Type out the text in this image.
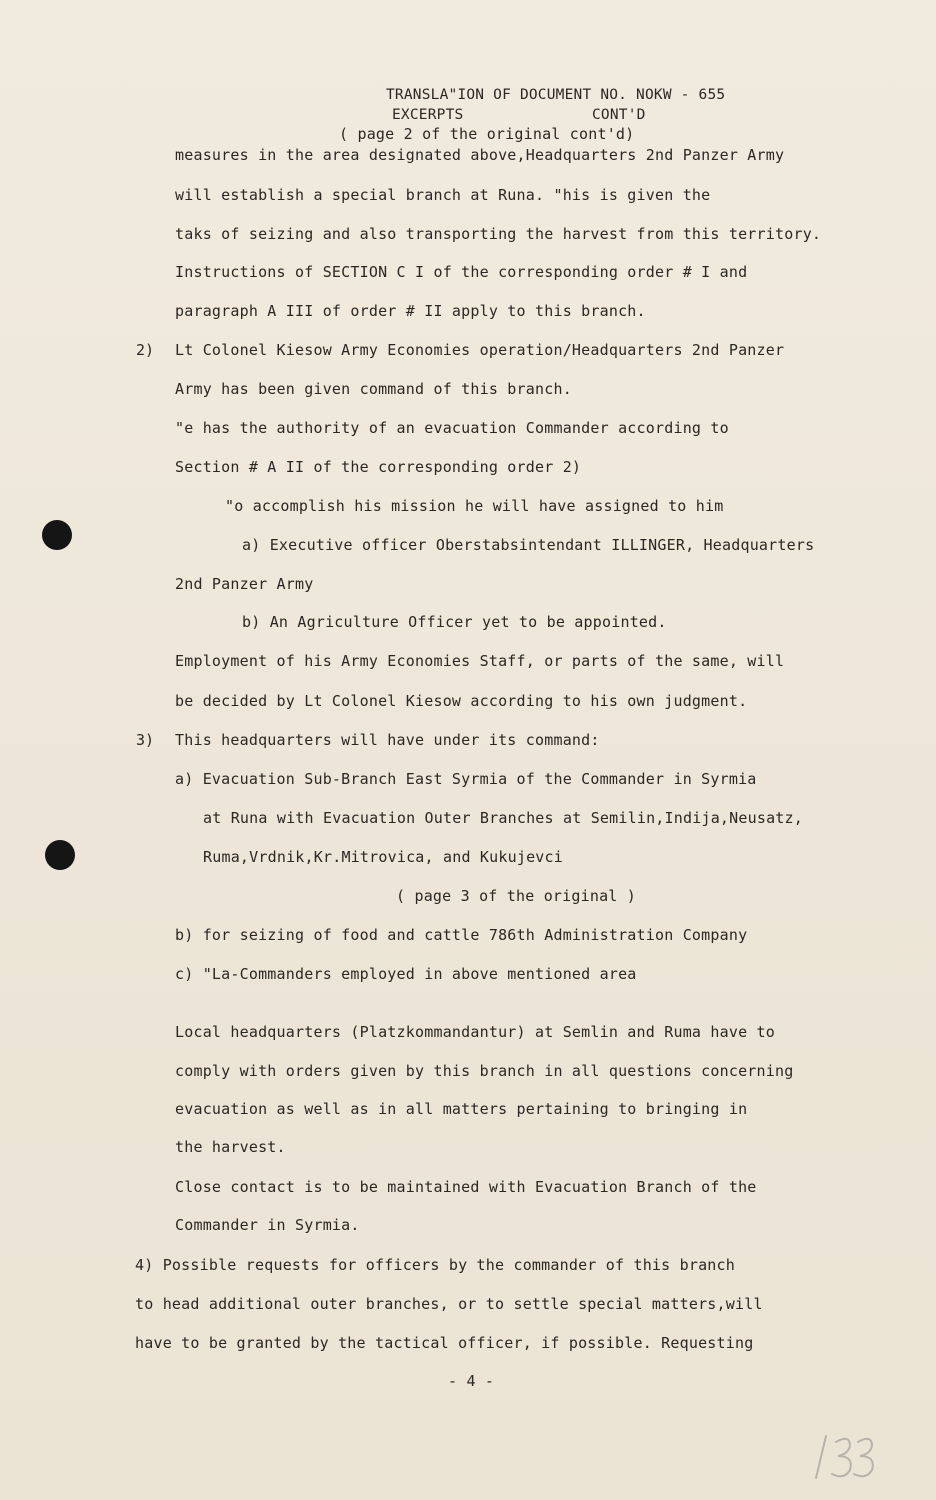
TRANSLA"ION OF DOCUMENT NO. NOKW - 655
EXCERPTS	CONT'D
( page 2 of the original cont'd)
measures in the area designated above,Headquarters 2nd Panzer Army
will establish a special branch at Runa. "his is given the
taks of seizing and also transporting the harvest from this territory.
Instructions of SECTION C I of the corresponding order # I and
paragraph A III of order # II apply to this branch.
2) Lt Colonel Kiesow Army Economies operation/Headquarters 2nd Panzer
Army has been given command of this branch.
"e has the authority of an evacuation Commander according to
Section # A II of the corresponding order 2)
"o accomplish his mission he will have assigned to him
a) Executive officer Oberstabsintendant ILLINGER, Headquarters
2nd Panzer Army
b) An Agriculture Officer yet to be appointed.
Employment of his Army Economies Staff, or parts of the same, will
be decided by Lt Colonel Kiesow according to his own judgment.
3) This headquarters will have under its command:
a) Evacuation Sub-Branch East Syrmia of the Commander in Syrmia
at Runa with Evacuation Outer Branches at Semilin,Indija,Neusatz,
Ruma,Vrdnik,Kr.Mitrovica, and Kukujevci
( page 3 of the original )
b) for seizing of food and cattle 786th Administration Company
c) "La-Commanders employed in above mentioned area
Local headquarters (Platzkommandantur) at Semlin and Ruma have to
comply with orders given by this branch in all questions concerning
evacuation as well as in all matters pertaining to bringing in
the harvest.
Close contact is to be maintained with Evacuation Branch of the
Commander in Syrmia.
4) Possible requests for officers by the commander of this branch
to head additional outer branches, or to settle special matters,will
have to be granted by the tactical officer, if possible. Requesting
- 4 -
